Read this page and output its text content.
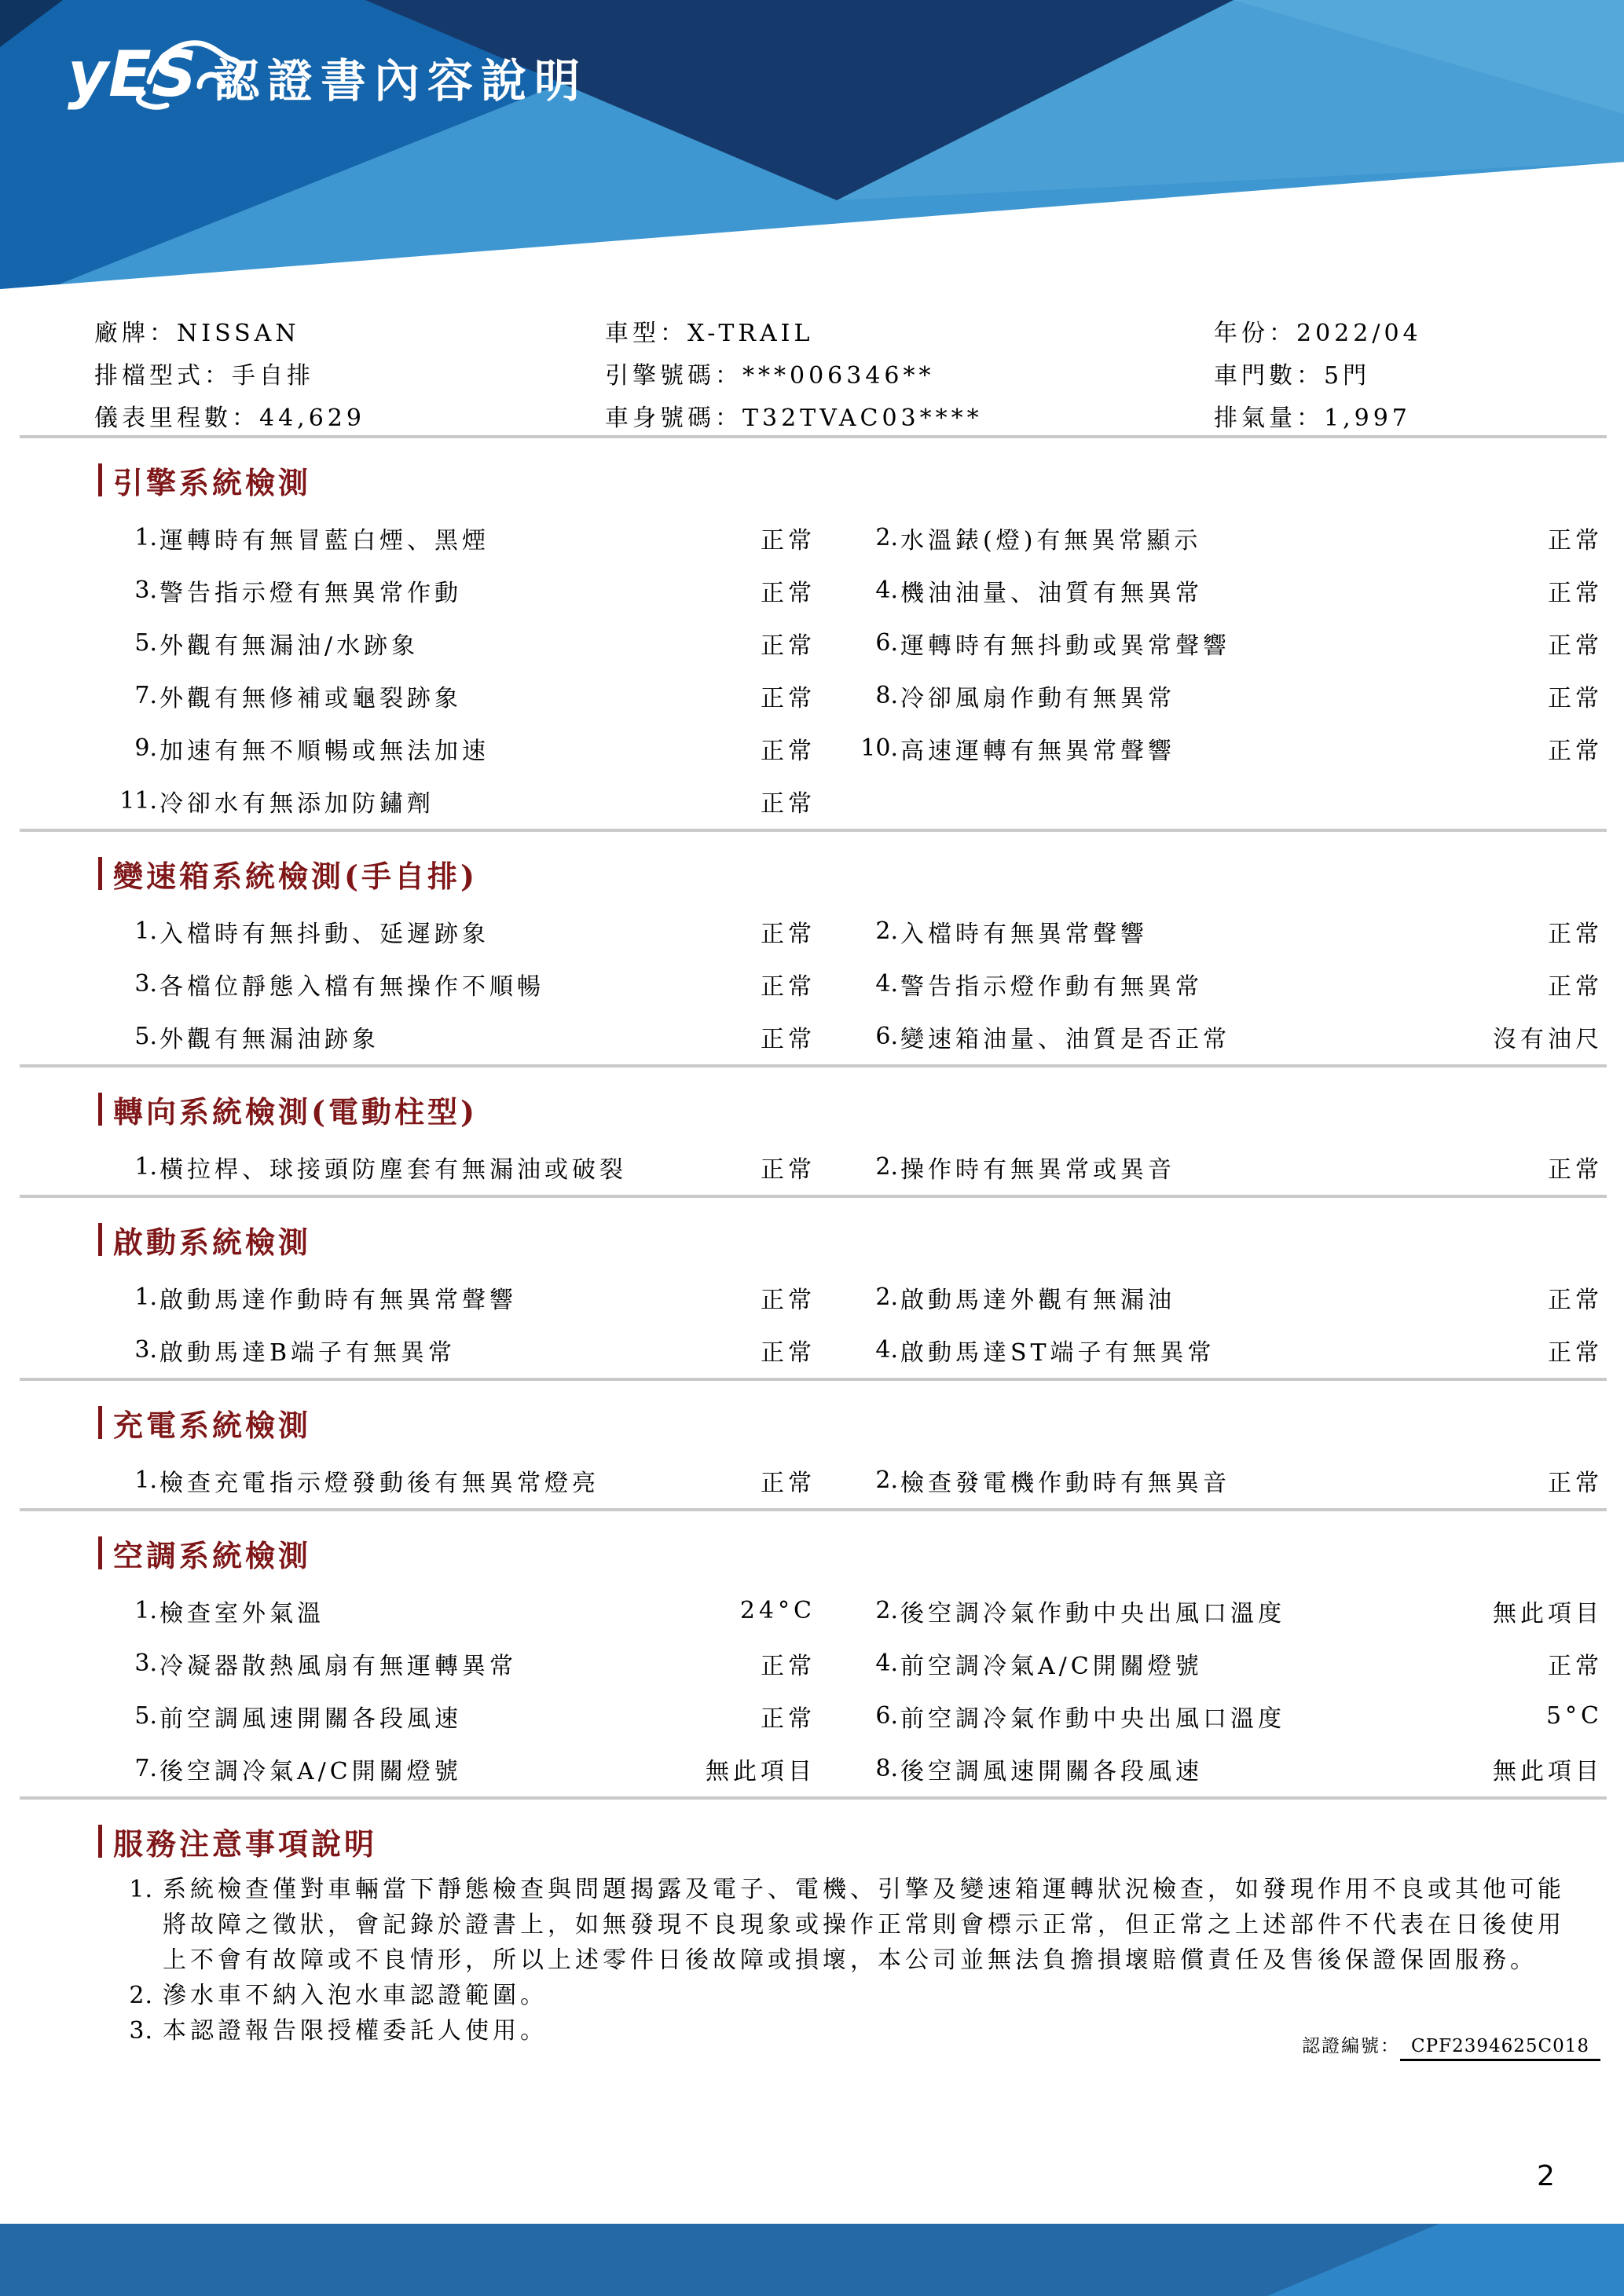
yES 認證書內容說明
廠牌：NISSAN	車型：X-TRAIL	年份：2022/04
排檔型式：手自排	引擎號碼：***006346**	車門數：5門
儀表里程數：44,629	車身號碼：T32TVAC03****	排氣量：1,997
引擎系統檢測
1. 運轉時有無冒藍白煙、黑煙	正常	2. 水溫錶(燈)有無異常顯示	正常
3. 警告指示燈有無異常作動	正常	4. 機油油量、油質有無異常	正常
5. 外觀有無漏油/水跡象	正常	6. 運轉時有無抖動或異常聲響	正常
7. 外觀有無修補或龜裂跡象	正常	8. 冷卻風扇作動有無異常	正常
9. 加速有無不順暢或無法加速	正常 10. 高速運轉有無異常聲響	正常
11. 冷卻水有無添加防鏽劑	正常
變速箱系統檢測(手自排)
1. 入檔時有無抖動、延遲跡象	正常	2. 入檔時有無異常聲響	正常
3. 各檔位靜態入檔有無操作不順暢	正常	4. 警告指示燈作動有無異常	正常
5. 外觀有無漏油跡象	正常	6. 變速箱油量、油質是否正常	沒有油尺
轉向系統檢測(電動柱型)
1. 橫拉桿、球接頭防塵套有無漏油或破裂	正常	2. 操作時有無異常或異音	正常
啟動系統檢測
1. 啟動馬達作動時有無異常聲響	正常	2. 啟動馬達外觀有無漏油	正常
3. 啟動馬達B端子有無異常	正常	4. 啟動馬達ST端子有無異常	正常
充電系統檢測
1. 檢查充電指示燈發動後有無異常燈亮	正常	2. 檢查發電機作動時有無異音	正常
空調系統檢測
1. 檢查室外氣溫	24°C	2. 後空調冷氣作動中央出風口溫度	無此項目
3. 冷凝器散熱風扇有無運轉異常	正常	4. 前空調冷氣A/C開關燈號	正常
5. 前空調風速開關各段風速	正常	6. 前空調冷氣作動中央出風口溫度	5°C
7. 後空調冷氣A/C開關燈號	無此項目	8. 後空調風速開關各段風速	無此項目
服務注意事項說明
1. 系統檢查僅對車輛當下靜態檢查與問題揭露及電子、電機、引擎及變速箱運轉狀況檢查，如發現作用不良或其他可能將故障之徵狀，會記錄於證書上，如無發現不良現象或操作正常則會標示正常，但正常之上述部件不代表在日後使用上不會有故障或不良情形，所以上述零件日後故障或損壞，本公司並無法負擔損壞賠償責任及售後保證保固服務。
2. 滲水車不納入泡水車認證範圍。
3. 本認證報告限授權委託人使用。
認證編號： CPF2394625C018
2
